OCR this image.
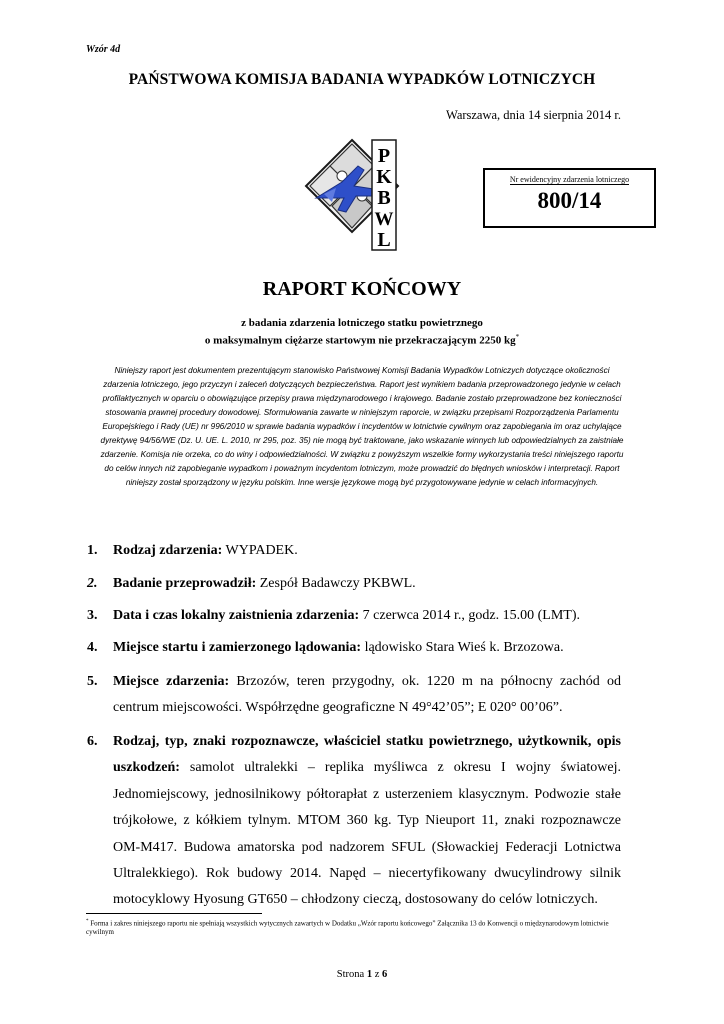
Wzór 4d
PAŃSTWOWA KOMISJA BADANIA WYPADKÓW LOTNICZYCH
Warszawa, dnia 14 sierpnia 2014 r.
P
K
B
W
L
Nr ewidencyjny zdarzenia lotniczego
800/14
RAPORT KOŃCOWY
z badania zdarzenia lotniczego statku powietrznego
o maksymalnym ciężarze startowym nie przekraczającym 2250 kg*
Niniejszy raport jest dokumentem prezentującym stanowisko Państwowej Komisji Badania Wypadków Lotniczych dotyczące okoliczności zdarzenia lotniczego, jego przyczyn i zaleceń dotyczących bezpieczeństwa. Raport jest wynikiem badania przeprowadzonego jedynie w celach profilaktycznych w oparciu o obowiązujące przepisy prawa międzynarodowego i krajowego. Badanie zostało przeprowadzone bez konieczności stosowania prawnej procedury dowodowej. Sformułowania zawarte w niniejszym raporcie, w związku przepisami Rozporządzenia Parlamentu Europejskiego i Rady (UE) nr 996/2010 w sprawie badania wypadków i incydentów w lotnictwie cywilnym oraz zapobiegania im oraz uchylające dyrektywę 94/56/WE (Dz. U. UE. L. 2010, nr 295, poz. 35) nie mogą być traktowane, jako wskazanie winnych lub odpowiedzialnych za zaistniałe zdarzenie. Komisja nie orzeka, co do winy i odpowiedzialności. W związku z powyższym wszelkie formy wykorzystania treści niniejszego raportu do celów innych niż zapobieganie wypadkom i poważnym incydentom lotniczym, może prowadzić do błędnych wniosków i interpretacji. Raport niniejszy został sporządzony w języku polskim. Inne wersje językowe mogą być przygotowywane jedynie w celach informacyjnych.
1. Rodzaj zdarzenia: WYPADEK.
2. Badanie przeprowadził: Zespół Badawczy PKBWL.
3. Data i czas lokalny zaistnienia zdarzenia: 7 czerwca 2014 r., godz. 15.00 (LMT).
4. Miejsce startu i zamierzonego lądowania: lądowisko Stara Wieś k. Brzozowa.
5. Miejsce zdarzenia: Brzozów, teren przygodny, ok. 1220 m na północny zachód od centrum miejscowości. Współrzędne geograficzne N 49°42’05”; E 020° 00’06”.
6. Rodzaj, typ, znaki rozpoznawcze, właściciel statku powietrznego, użytkownik, opis uszkodzeń: samolot ultralekki – replika myśliwca z okresu I wojny światowej. Jednomiejscowy, jednosilnikowy półtorapłat z usterzeniem klasycznym. Podwozie stałe trójkołowe, z kółkiem tylnym. MTOM 360 kg. Typ Nieuport 11, znaki rozpoznawcze OM-M417. Budowa amatorska pod nadzorem SFUL (Słowackiej Federacji Lotnictwa Ultralekkiego). Rok budowy 2014. Napęd – niecertyfikowany dwucylindrowy silnik motocyklowy Hyosung GT650 – chłodzony cieczą, dostosowany do celów lotniczych.
* Forma i zakres niniejszego raportu nie spełniają wszystkich wytycznych zawartych w Dodatku „Wzór raportu końcowego” Załącznika 13 do Konwencji o międzynarodowym lotnictwie cywilnym
Strona 1 z 6
